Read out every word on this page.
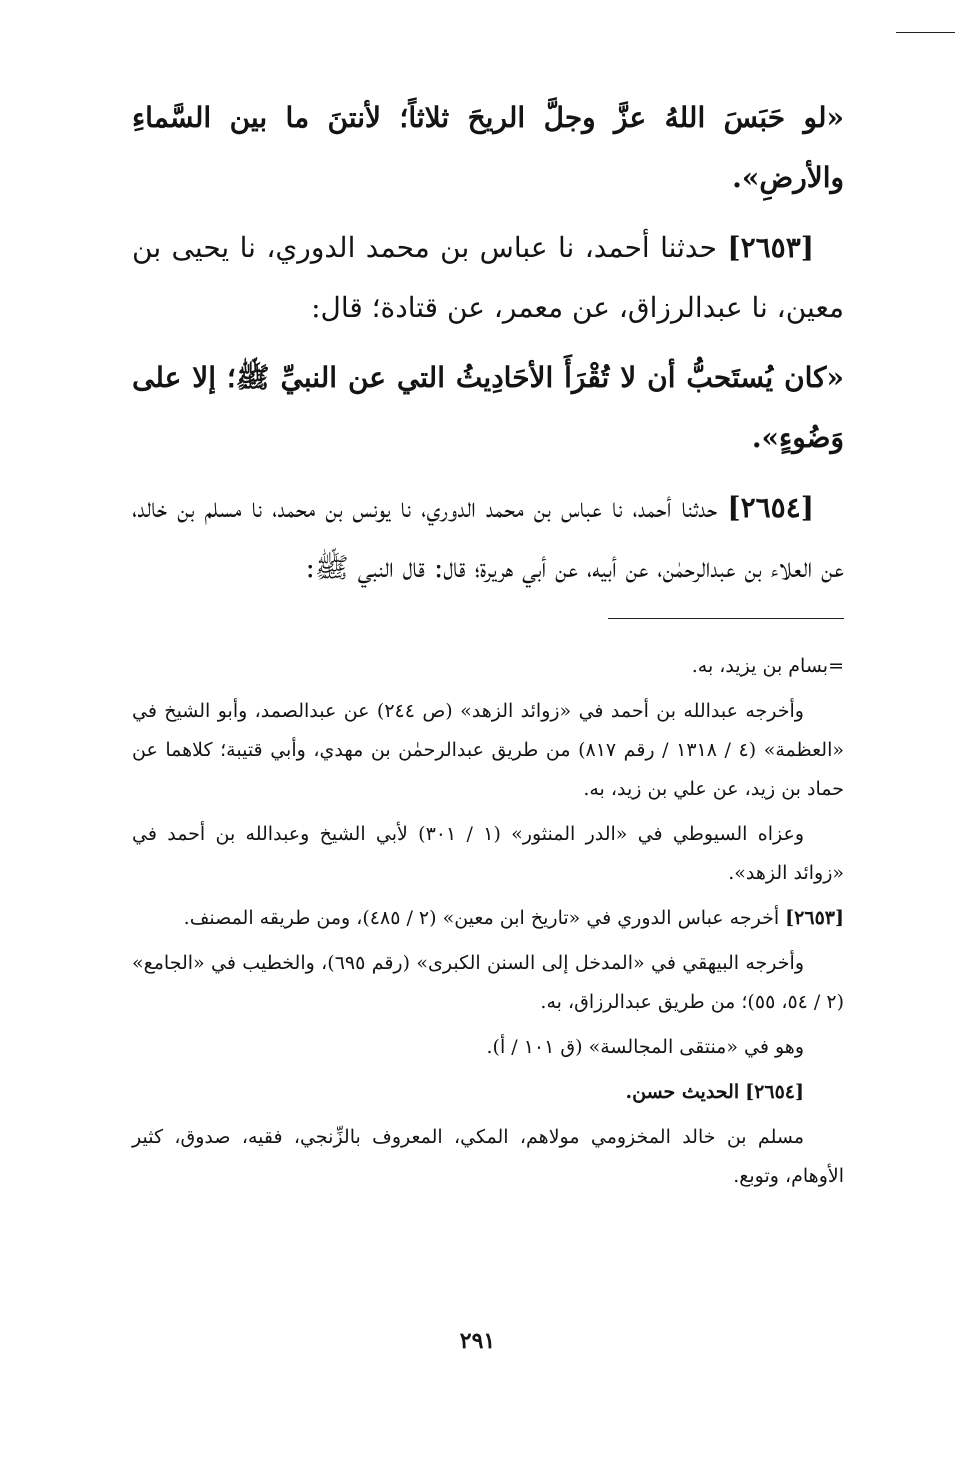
«لو حَبَسَ اللهُ عزَّ وجلَّ الريحَ ثلاثاً؛ لأنتنَ ما بين السَّماءِ والأرضِ».

[٢٦٥٣] حدثنا أحمد، نا عباس بن محمد الدوري، نا يحيى بن معين، نا عبدالرزاق، عن معمر، عن قتادة؛ قال:

«كان يُستَحبُّ أن لا تُقْرَأَ الأحَادِيثُ التي عن النبيِّ ﷺ؛ إلا على وَضُوءٍ».

[٢٦٥٤] حدثنا أحمد، نا عباس بن محمد الدوري، نا يونس بن محمد، نا مسلم بن خالد، عن العلاء بن عبدالرحمٰن، عن أبيه، عن أبي هريرة؛ قال: قال النبي ﷺ:

=بسام بن يزيد، به.

وأخرجه عبدالله بن أحمد في «زوائد الزهد» (ص ٢٤٤) عن عبدالصمد، وأبو الشيخ في «العظمة» (٤ / ١٣١٨ / رقم ٨١٧) من طريق عبدالرحمٰن بن مهدي، وأبي قتيبة؛ كلاهما عن حماد بن زيد، عن علي بن زيد، به.

وعزاه السيوطي في «الدر المنثور» (١ / ٣٠١) لأبي الشيخ وعبدالله بن أحمد في «زوائد الزهد».

[٢٦٥٣] أخرجه عباس الدوري في «تاريخ ابن معين» (٢ / ٤٨٥)، ومن طريقه المصنف.

وأخرجه البيهقي في «المدخل إلى السنن الكبرى» (رقم ٦٩٥)، والخطيب في «الجامع» (٢ / ٥٤، ٥٥)؛ من طريق عبدالرزاق، به.

وهو في «منتقى المجالسة» (ق ١٠١ / أ).

[٢٦٥٤] الحديث حسن.

مسلم بن خالد المخزومي مولاهم، المكي، المعروف بالزِّنجي، فقيه، صدوق، كثير الأوهام، وتوبع.

٢٩١
